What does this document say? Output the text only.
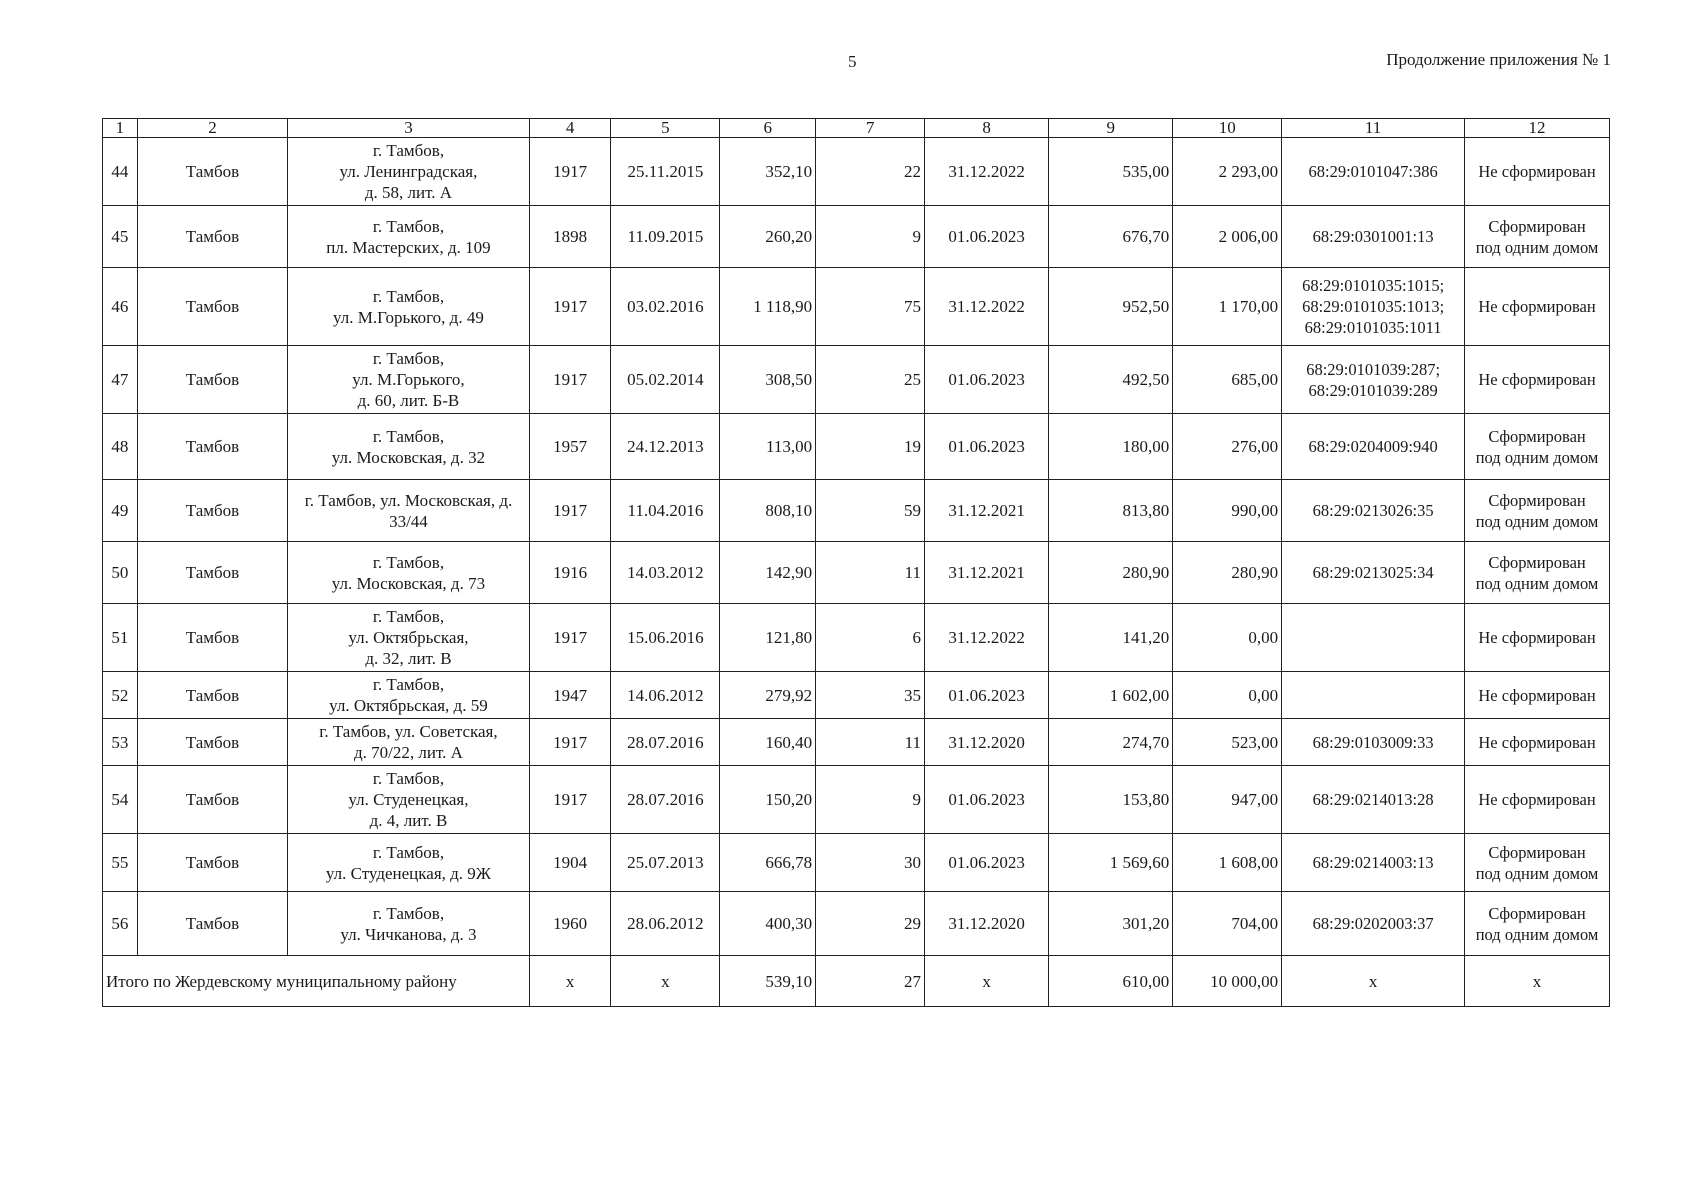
5	Продолжение приложения № 1
1	2	3	4	5	6	7	8	9	10	11	12
44	Тамбов	г. Тамбов,
ул. Ленинградская,
д. 58, лит. А	1917	25.11.2015	352,10	22	31.12.2022	535,00	2 293,00	68:29:0101047:386	Не сформирован

45	Тамбов	г. Тамбов,
пл. Мастерских, д. 109	1898	11.09.2015	260,20	9	01.06.2023	676,70	2 006,00	68:29:0301001:13	Сформирован
под одним домом

46	Тамбов	г. Тамбов,
ул. М.Горького, д. 49	1917	03.02.2016	1 118,90	75	31.12.2022	952,50	1 170,00	68:29:0101035:1015;
68:29:0101035:1013;
68:29:0101035:1011	Не сформирован

47	Тамбов	г. Тамбов,
ул. М.Горького,
д. 60, лит. Б-В	1917	05.02.2014	308,50	25	01.06.2023	492,50	685,00	68:29:0101039:287;
68:29:0101039:289	Не сформирован

48	Тамбов	г. Тамбов,
ул. Московская, д. 32	1957	24.12.2013	113,00	19	01.06.2023	180,00	276,00	68:29:0204009:940	Сформирован
под одним домом

49	Тамбов	г. Тамбов, ул. Московская, д.
33/44	1917	11.04.2016	808,10	59	31.12.2021	813,80	990,00	68:29:0213026:35	Сформирован
под одним домом

50	Тамбов	г. Тамбов,
ул. Московская, д. 73	1916	14.03.2012	142,90	11	31.12.2021	280,90	280,90	68:29:0213025:34	Сформирован
под одним домом

51	Тамбов	г. Тамбов,
ул. Октябрьская,
д. 32, лит. В	1917	15.06.2016	121,80	6	31.12.2022	141,20	0,00		Не сформирован

52	Тамбов	г. Тамбов,
ул. Октябрьская, д. 59	1947	14.06.2012	279,92	35	01.06.2023	1 602,00	0,00		Не сформирован

53	Тамбов	г. Тамбов, ул. Советская,
д. 70/22, лит. А	1917	28.07.2016	160,40	11	31.12.2020	274,70	523,00	68:29:0103009:33	Не сформирован

54	Тамбов	г. Тамбов,
ул. Студенецкая,
д. 4, лит. В	1917	28.07.2016	150,20	9	01.06.2023	153,80	947,00	68:29:0214013:28	Не сформирован

55	Тамбов	г. Тамбов,
ул. Студенецкая, д. 9Ж	1904	25.07.2013	666,78	30	01.06.2023	1 569,60	1 608,00	68:29:0214003:13	Сформирован
под одним домом

56	Тамбов	г. Тамбов,
ул. Чичканова, д. 3	1960	28.06.2012	400,30	29	31.12.2020	301,20	704,00	68:29:0202003:37	Сформирован
под одним домом

Итого по Жердевскому муниципальному району			х	х	539,10	27	х	610,00	10 000,00	х	х
